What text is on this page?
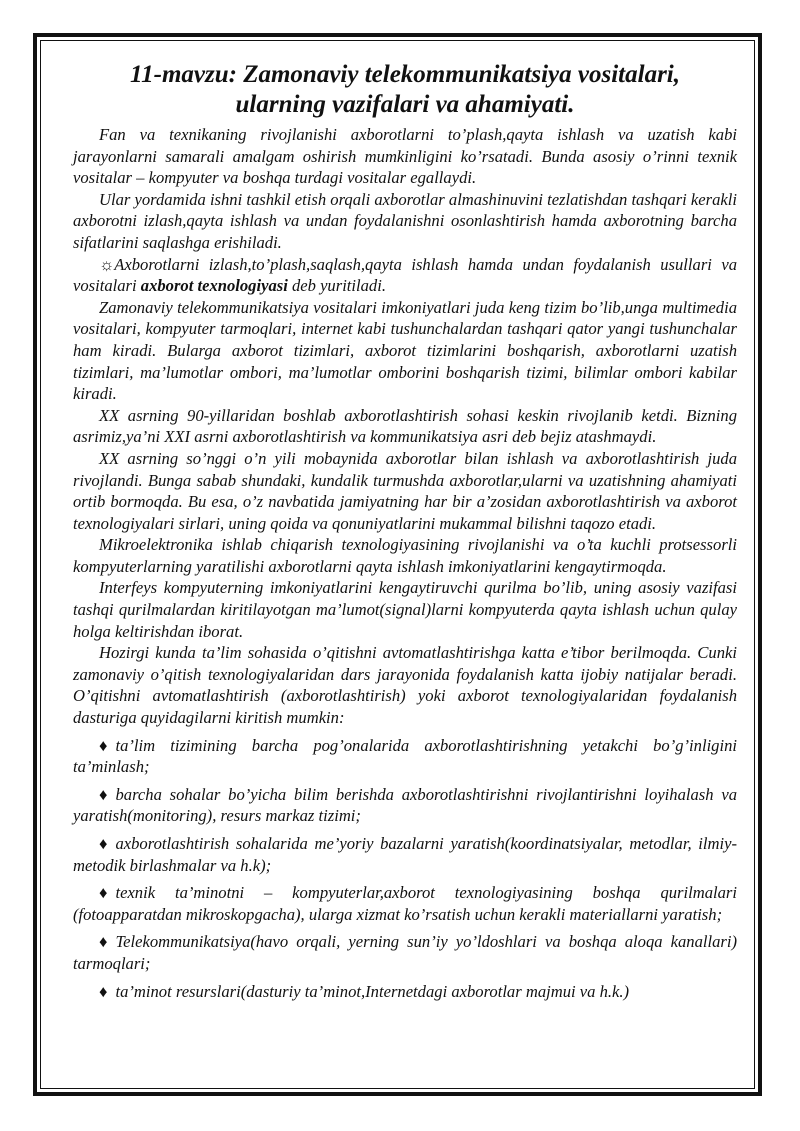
11-mavzu: Zamonaviy telekommunikatsiya vositalari,
ularning vazifalari va ahamiyati.

Fan va texnikaning rivojlanishi axborotlarni to’plash,qayta ishlash va uzatish kabi jarayonlarni samarali amalgam oshirish mumkinligini ko’rsatadi. Bunda asosiy o’rinni texnik vositalar – kompyuter va boshqa turdagi vositalar egallaydi.

Ular yordamida ishni tashkil etish orqali axborotlar almashinuvini tezlatishdan tashqari kerakli axborotni izlash,qayta ishlash va undan foydalanishni osonlashtirish hamda axborotning barcha sifatlarini saqlashga erishiladi.

☼Axborotlarni izlash,to’plash,saqlash,qayta ishlash hamda undan foydalanish usullari va vositalari axborot texnologiyasi deb yuritiladi.

Zamonaviy telekommunikatsiya vositalari imkoniyatlari juda keng tizim bo’lib,unga multimedia vositalari, kompyuter tarmoqlari, internet kabi tushunchalardan tashqari qator yangi tushunchalar ham kiradi. Bularga axborot tizimlari, axborot tizimlarini boshqarish, axborotlarni uzatish tizimlari, ma’lumotlar ombori, ma’lumotlar omborini boshqarish tizimi, bilimlar ombori kabilar kiradi.

XX asrning 90-yillaridan boshlab axborotlashtirish sohasi keskin rivojlanib ketdi. Bizning asrimiz,ya’ni XXI asrni axborotlashtirish va kommunikatsiya asri deb bejiz atashmaydi.

XX asrning so’nggi o’n yili mobaynida axborotlar bilan ishlash va axborotlashtirish juda rivojlandi. Bunga sabab shundaki, kundalik turmushda axborotlar,ularni va uzatishning ahamiyati ortib bormoqda. Bu esa, o’z navbatida jamiyatning har bir a’zosidan axborotlashtirish va axborot texnologiyalari sirlari, uning qoida va qonuniyatlarini mukammal bilishni taqozo etadi.

Mikroelektronika ishlab chiqarish texnologiyasining rivojlanishi va o’ta kuchli protsessorli kompyuterlarning yaratilishi axborotlarni qayta ishlash imkoniyatlarini kengaytirmoqda.

Interfeys kompyuterning imkoniyatlarini kengaytiruvchi qurilma bo’lib, uning asosiy vazifasi tashqi qurilmalardan kiritilayotgan ma’lumot(signal)larni kompyuterda qayta ishlash uchun qulay holga keltirishdan iborat.

Hozirgi kunda ta’lim sohasida o’qitishni avtomatlashtirishga katta e’tibor berilmoqda. Cunki zamonaviy o’qitish texnologiyalaridan dars jarayonida foydalanish katta ijobiy natijalar beradi. O’qitishni avtomatlashtirish (axborotlashtirish) yoki axborot texnologiyalaridan foydalanish dasturiga quyidagilarni kiritish mumkin:

♦ ta’lim tizimining barcha pog’onalarida axborotlashtirishning yetakchi bo’g’inligini ta’minlash;

♦ barcha sohalar bo’yicha bilim berishda axborotlashtirishni rivojlantirishni loyihalash va yaratish(monitoring), resurs markaz tizimi;

♦ axborotlashtirish sohalarida me’yoriy bazalarni yaratish(koordinatsiyalar, metodlar, ilmiy-metodik birlashmalar va h.k);

♦ texnik ta’minotni – kompyuterlar,axborot texnologiyasining boshqa qurilmalari (fotoapparatdan mikroskopgacha), ularga xizmat ko’rsatish uchun kerakli materiallarni yaratish;

♦ Telekommunikatsiya(havo orqali, yerning sun’iy yo’ldoshlari va boshqa aloqa kanallari) tarmoqlari;

♦ ta’minot resurslari(dasturiy ta’minot,Internetdagi axborotlar majmui va h.k.)
